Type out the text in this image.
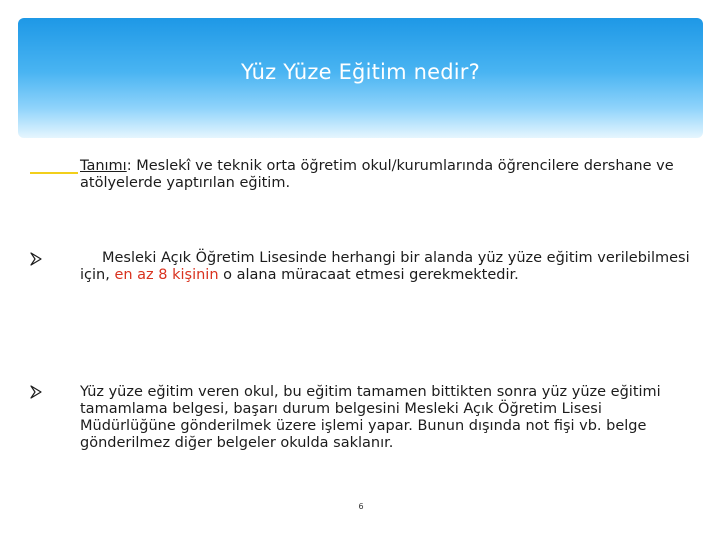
Yüz Yüze Eğitim nedir?
Tanımı: Meslekî ve teknik orta öğretim okul/kurumlarında öğrencilere dershane ve atölyelerde yaptırılan eğitim.
Mesleki Açık Öğretim Lisesinde herhangi bir alanda yüz yüze eğitim verilebilmesi için, en az 8 kişinin o alana müracaat etmesi gerekmektedir.
Yüz yüze eğitim veren okul, bu eğitim tamamen bittikten sonra yüz yüze eğitimi tamamlama belgesi, başarı durum belgesini Mesleki Açık Öğretim Lisesi Müdürlüğüne gönderilmek üzere işlemi yapar. Bunun dışında not fişi vb. belge gönderilmez diğer belgeler okulda saklanır.
6
